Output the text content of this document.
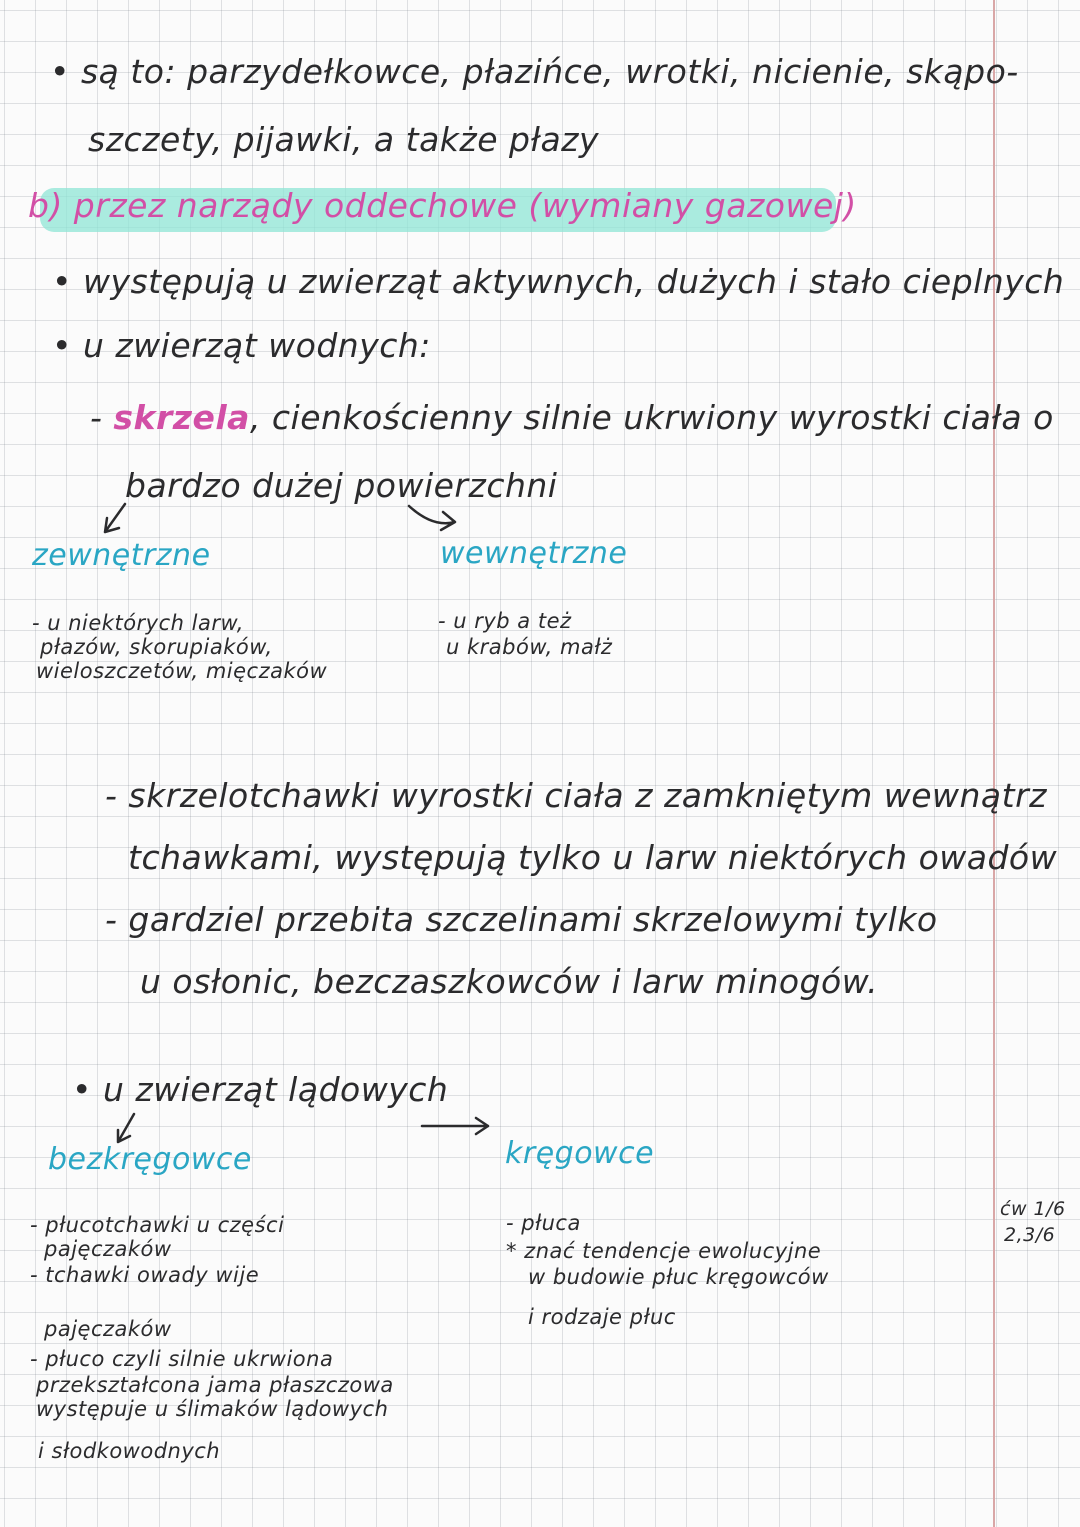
• są to: parzydełkowce, płazińce, wrotki, nicienie, skąpo-
szczety, pijawki, a także płazy
b) przez narządy oddechowe (wymiany gazowej)
• występują u zwierząt aktywnych, dużych i stało cieplnych
• u zwierząt wodnych:
- skrzela, cienkościenny silnie ukrwiony wyrostki ciała o
bardzo dużej powierzchni
zewnętrzne	wewnętrzne
- u niektórych larw,
płazów, skorupiaków,
wieloszczetów, mięczaków
- u ryb a też
u krabów, małż
- skrzelotchawki wyrostki ciała z zamkniętym wewnątrz
tchawkami, występują tylko u larw niektórych owadów
- gardziel przebita szczelinami skrzelowymi tylko
u osłonic, bezczaszkowców i larw minogów.
• u zwierząt lądowych
bezkręgowce	kręgowce
- płucotchawki u części
pajęczaków
- tchawki owady wije
pajęczaków
- płuco czyli silnie ukrwiona
przekształcona jama płaszczowa
występuje u ślimaków lądowych
i słodkowodnych
- płuca
* znać tendencje ewolucyjne
w budowie płuc kręgowców
i rodzaje płuc
ćw 1/6
2,3/6
